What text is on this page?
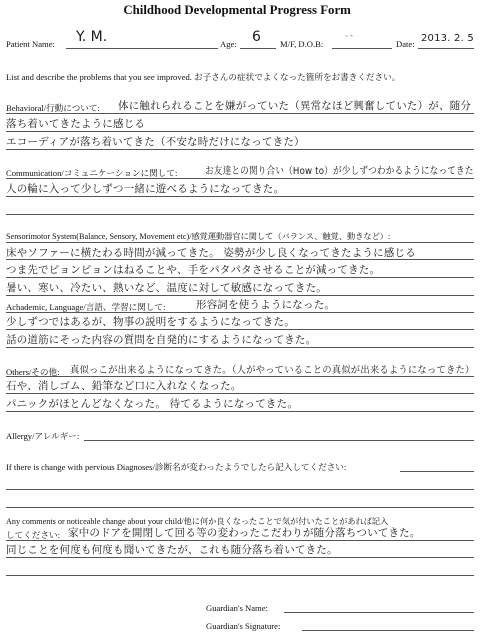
Childhood Developmental Progress Form
Patient Name: Y. M.	Age: 6 M/F, D.O.B:
˜ ˆ
Date: 2013. 2. 5
List and describe the problems that you see improved. お子さんの症状でよくなった箇所をお書きください。
Behavioral/行動について: 体に触れられることを嫌がっていた（異常なほど興奮していた）が、随分
落ち着いてきたように感じる
エコーディアが落ち着いてきた（不安な時だけになってきた）
Communication/コミュニケーションに関して:	お友達との関り合い（How to）が少しずつわかるようになってきた
人の輪に入って少しずつ一緒に遊べるようになってきた。
Sensorimotor System(Balance, Sensory, Movement etc)/感覚運動器官に関して（バランス、触覚、動きなど）:
床やソファーに横たわる時間が減ってきた。 姿勢が少し良くなってきたように感じる
つま先でピョンピョンはねることや、手をパタパタさせることが減ってきた。
暑い、寒い、冷たい、熱いなど、温度に対して敏感になってきた。
Achademic, Language/言語、学習に関して:	形容詞を使うようになった。
少しずつではあるが、物事の説明をするようになってきた。
話の道筋にそった内容の質問を自発的にするようになってきた。
Others/その他: 真似っこが出来るようになってきた。（人がやっていることの真似が出来るようになってきた）
石や、消しゴム、鉛筆など口に入れなくなった。
パニックがほとんどなくなった。 待てるようになってきた。
Allergy/アレルギー:
If there is change with pervious Diagnoses/診断名が変わったようでしたら記入してください:
Any comments or noticeable change about your child/他に何か良くなったことで気が付いたことがあれば記入
してください: 家中のドアを開閉して回る等の変わったこだわりが随分落ちついてきた。
同じことを何度も何度も聞いてきたが、これも随分落ち着いてきた。
Guardian's Name:
Guardian's Signature:
